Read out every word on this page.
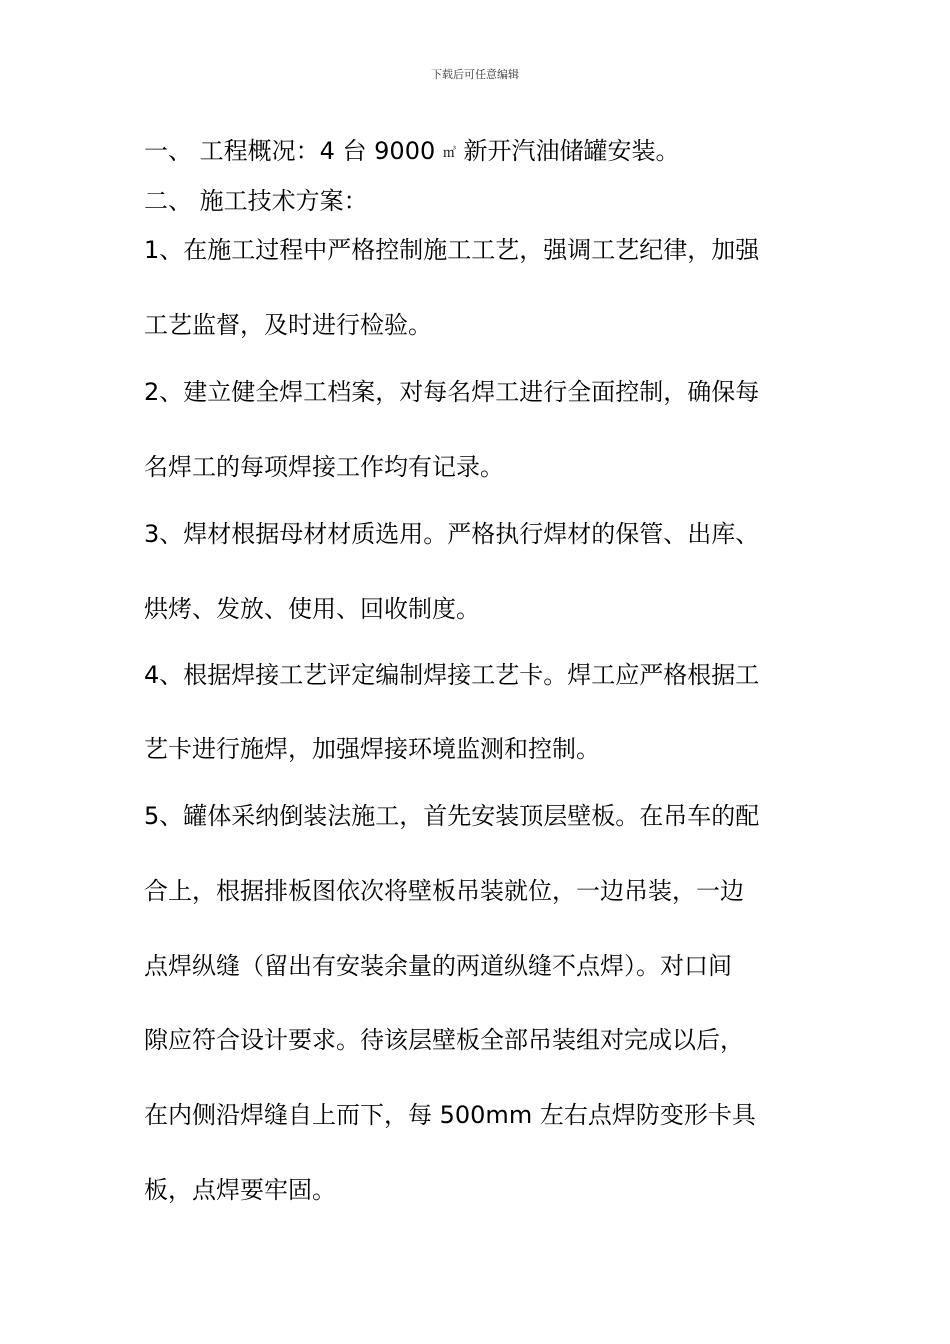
下载后可任意编辑

一、 工程概况：4 台 9000 ㎥ 新开汽油储罐安装。

二、 施工技术方案：

1、在施工过程中严格控制施工工艺，强调工艺纪律，加强

工艺监督，及时进行检验。

2、建立健全焊工档案，对每名焊工进行全面控制，确保每

名焊工的每项焊接工作均有记录。

3、焊材根据母材材质选用。严格执行焊材的保管、出库、

烘烤、发放、使用、回收制度。

4、根据焊接工艺评定编制焊接工艺卡。焊工应严格根据工

艺卡进行施焊，加强焊接环境监测和控制。

5、罐体采纳倒装法施工，首先安装顶层壁板。在吊车的配

合上，根据排板图依次将壁板吊装就位，一边吊装，一边

点焊纵缝（留出有安装余量的两道纵缝不点焊）。对口间

隙应符合设计要求。待该层壁板全部吊装组对完成以后，

在内侧沿焊缝自上而下，每 500mm 左右点焊防变形卡具

板，点焊要牢固。
